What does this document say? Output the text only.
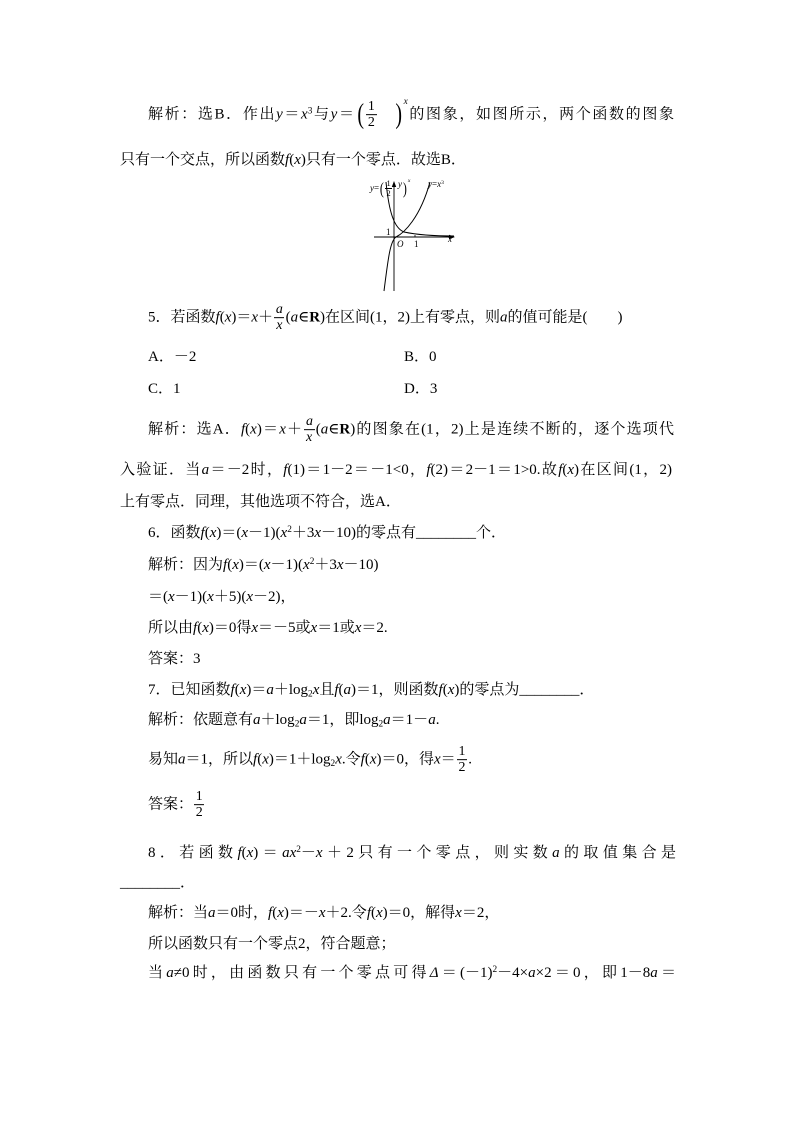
解析：选B．作出$y=x^3$与$y=( \frac{1}{2} )^x$的图象，如图所示，两个函数的图象
只有一个交点，所以函数f(x)只有一个零点．故选B．
$y=( \frac{1}{2} )^x$
y	$y=x^3$
1
O 1	x
5．若函数$f(x)=x+ \frac{a}{x}$ (a∈R)在区间(1，2)上有零点，则a的值可能是(　　)
A．－2	B．0
C．1	D．3
解析：选A．$f(x)=x+ \frac{a}{x}$ (a∈R)的图象在(1，2)上是连续不断的，逐个选项代
入验证．当a＝－2时，f(1)＝1－2＝－1<0，f(2)＝2－1＝1>0.故f(x)在区间(1，2)
上有零点．同理，其他选项不符合，选A．
6．函数$f(x)=(x-1)(x^2+3x-10)$的零点有________个．
解析：因为$f(x)=(x-1)(x^2+3x-10)$
＝(x－1)(x＋5)(x－2)，
所以由f(x)＝0得x＝－5或x＝1或x＝2.
答案：3
7．已知函数f(x)＝a＋log2x且f(a)＝1，则函数f(x)的零点为________．
解析：依题意有a＋log2a＝1，即log2a＝1－a.
易知a＝1，所以f(x)＝1＋log2x.令f(x)＝0，得$x= \frac{1}{2}$ .
答案： $\frac{1}{2}$
8．若函数$f(x)=ax^2-x+2$只有一个零点，则实数a的取值集合是
________．
解析：当a＝0时，f(x)＝－x＋2.令f(x)＝0，解得x＝2，
所以函数只有一个零点2，符合题意；
当a≠0时，由函数只有一个零点可得$\Delta=(-1)^2-4\times a\times 2=0$，即1－8a＝
